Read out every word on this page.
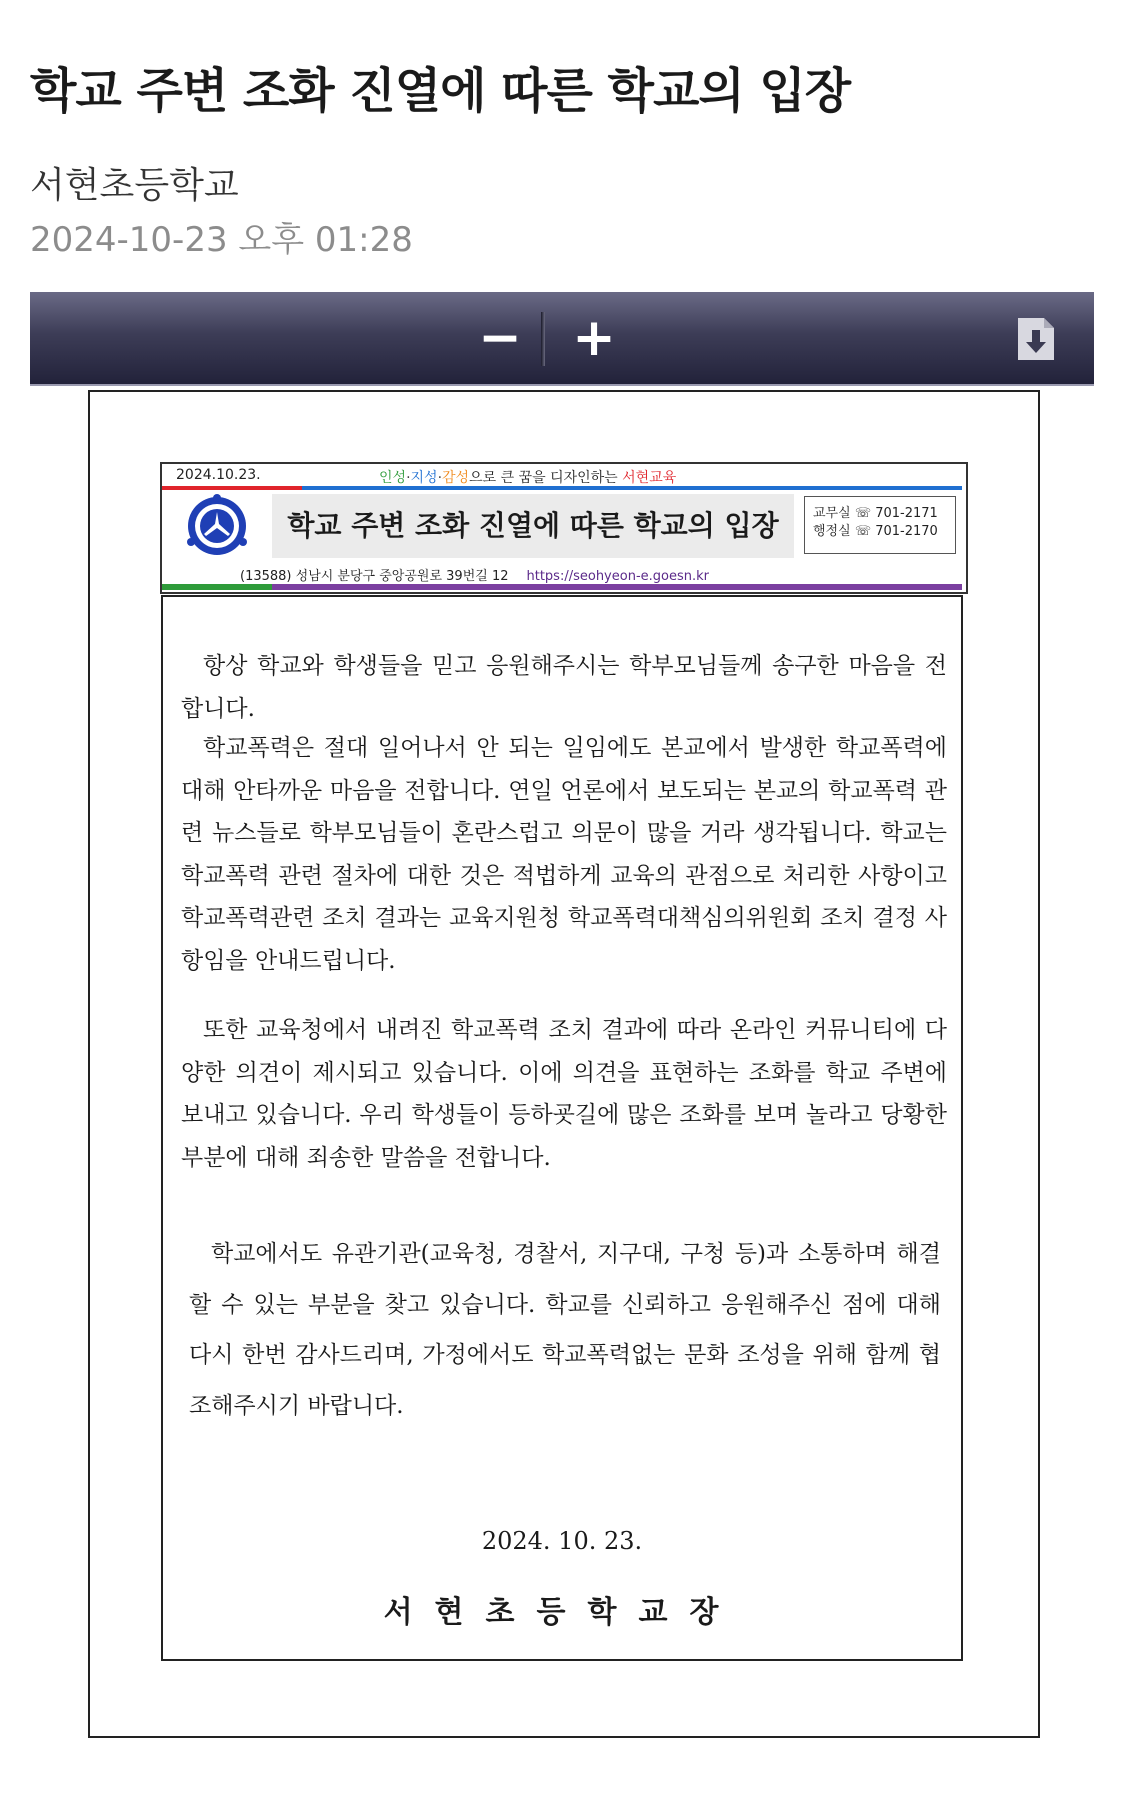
학교 주변 조화 진열에 따른 학교의 입장
서현초등학교
2024-10-23 오후 01:28
− +
2024.10.23.	인성·지성·감성으로 큰 꿈을 디자인하는 서현교육
학교 주변 조화 진열에 따른 학교의 입장	교무실 ☏ 701-2171
행정실 ☏ 701-2170
(13588) 성남시 분당구 중앙공원로 39번길 12 https://seohyeon-e.goesn.kr

항상 학교와 학생들을 믿고 응원해주시는 학부모님들께 송구한 마음을 전합니다.

학교폭력은 절대 일어나서 안 되는 일임에도 본교에서 발생한 학교폭력에 대해 안타까운 마음을 전합니다. 연일 언론에서 보도되는 본교의 학교폭력 관련 뉴스들로 학부모님들이 혼란스럽고 의문이 많을 거라 생각됩니다. 학교는 학교폭력 관련 절차에 대한 것은 적법하게 교육의 관점으로 처리한 사항이고 학교폭력관련 조치 결과는 교육지원청 학교폭력대책심의위원회 조치 결정 사항임을 안내드립니다.

또한 교육청에서 내려진 학교폭력 조치 결과에 따라 온라인 커뮤니티에 다양한 의견이 제시되고 있습니다. 이에 의견을 표현하는 조화를 학교 주변에 보내고 있습니다. 우리 학생들이 등하굣길에 많은 조화를 보며 놀라고 당황한 부분에 대해 죄송한 말씀을 전합니다.

학교에서도 유관기관(교육청, 경찰서, 지구대, 구청 등)과 소통하며 해결할 수 있는 부분을 찾고 있습니다. 학교를 신뢰하고 응원해주신 점에 대해 다시 한번 감사드리며, 가정에서도 학교폭력없는 문화 조성을 위해 함께 협조해주시기 바랍니다.

2024. 10. 23.
서현초등학교장
